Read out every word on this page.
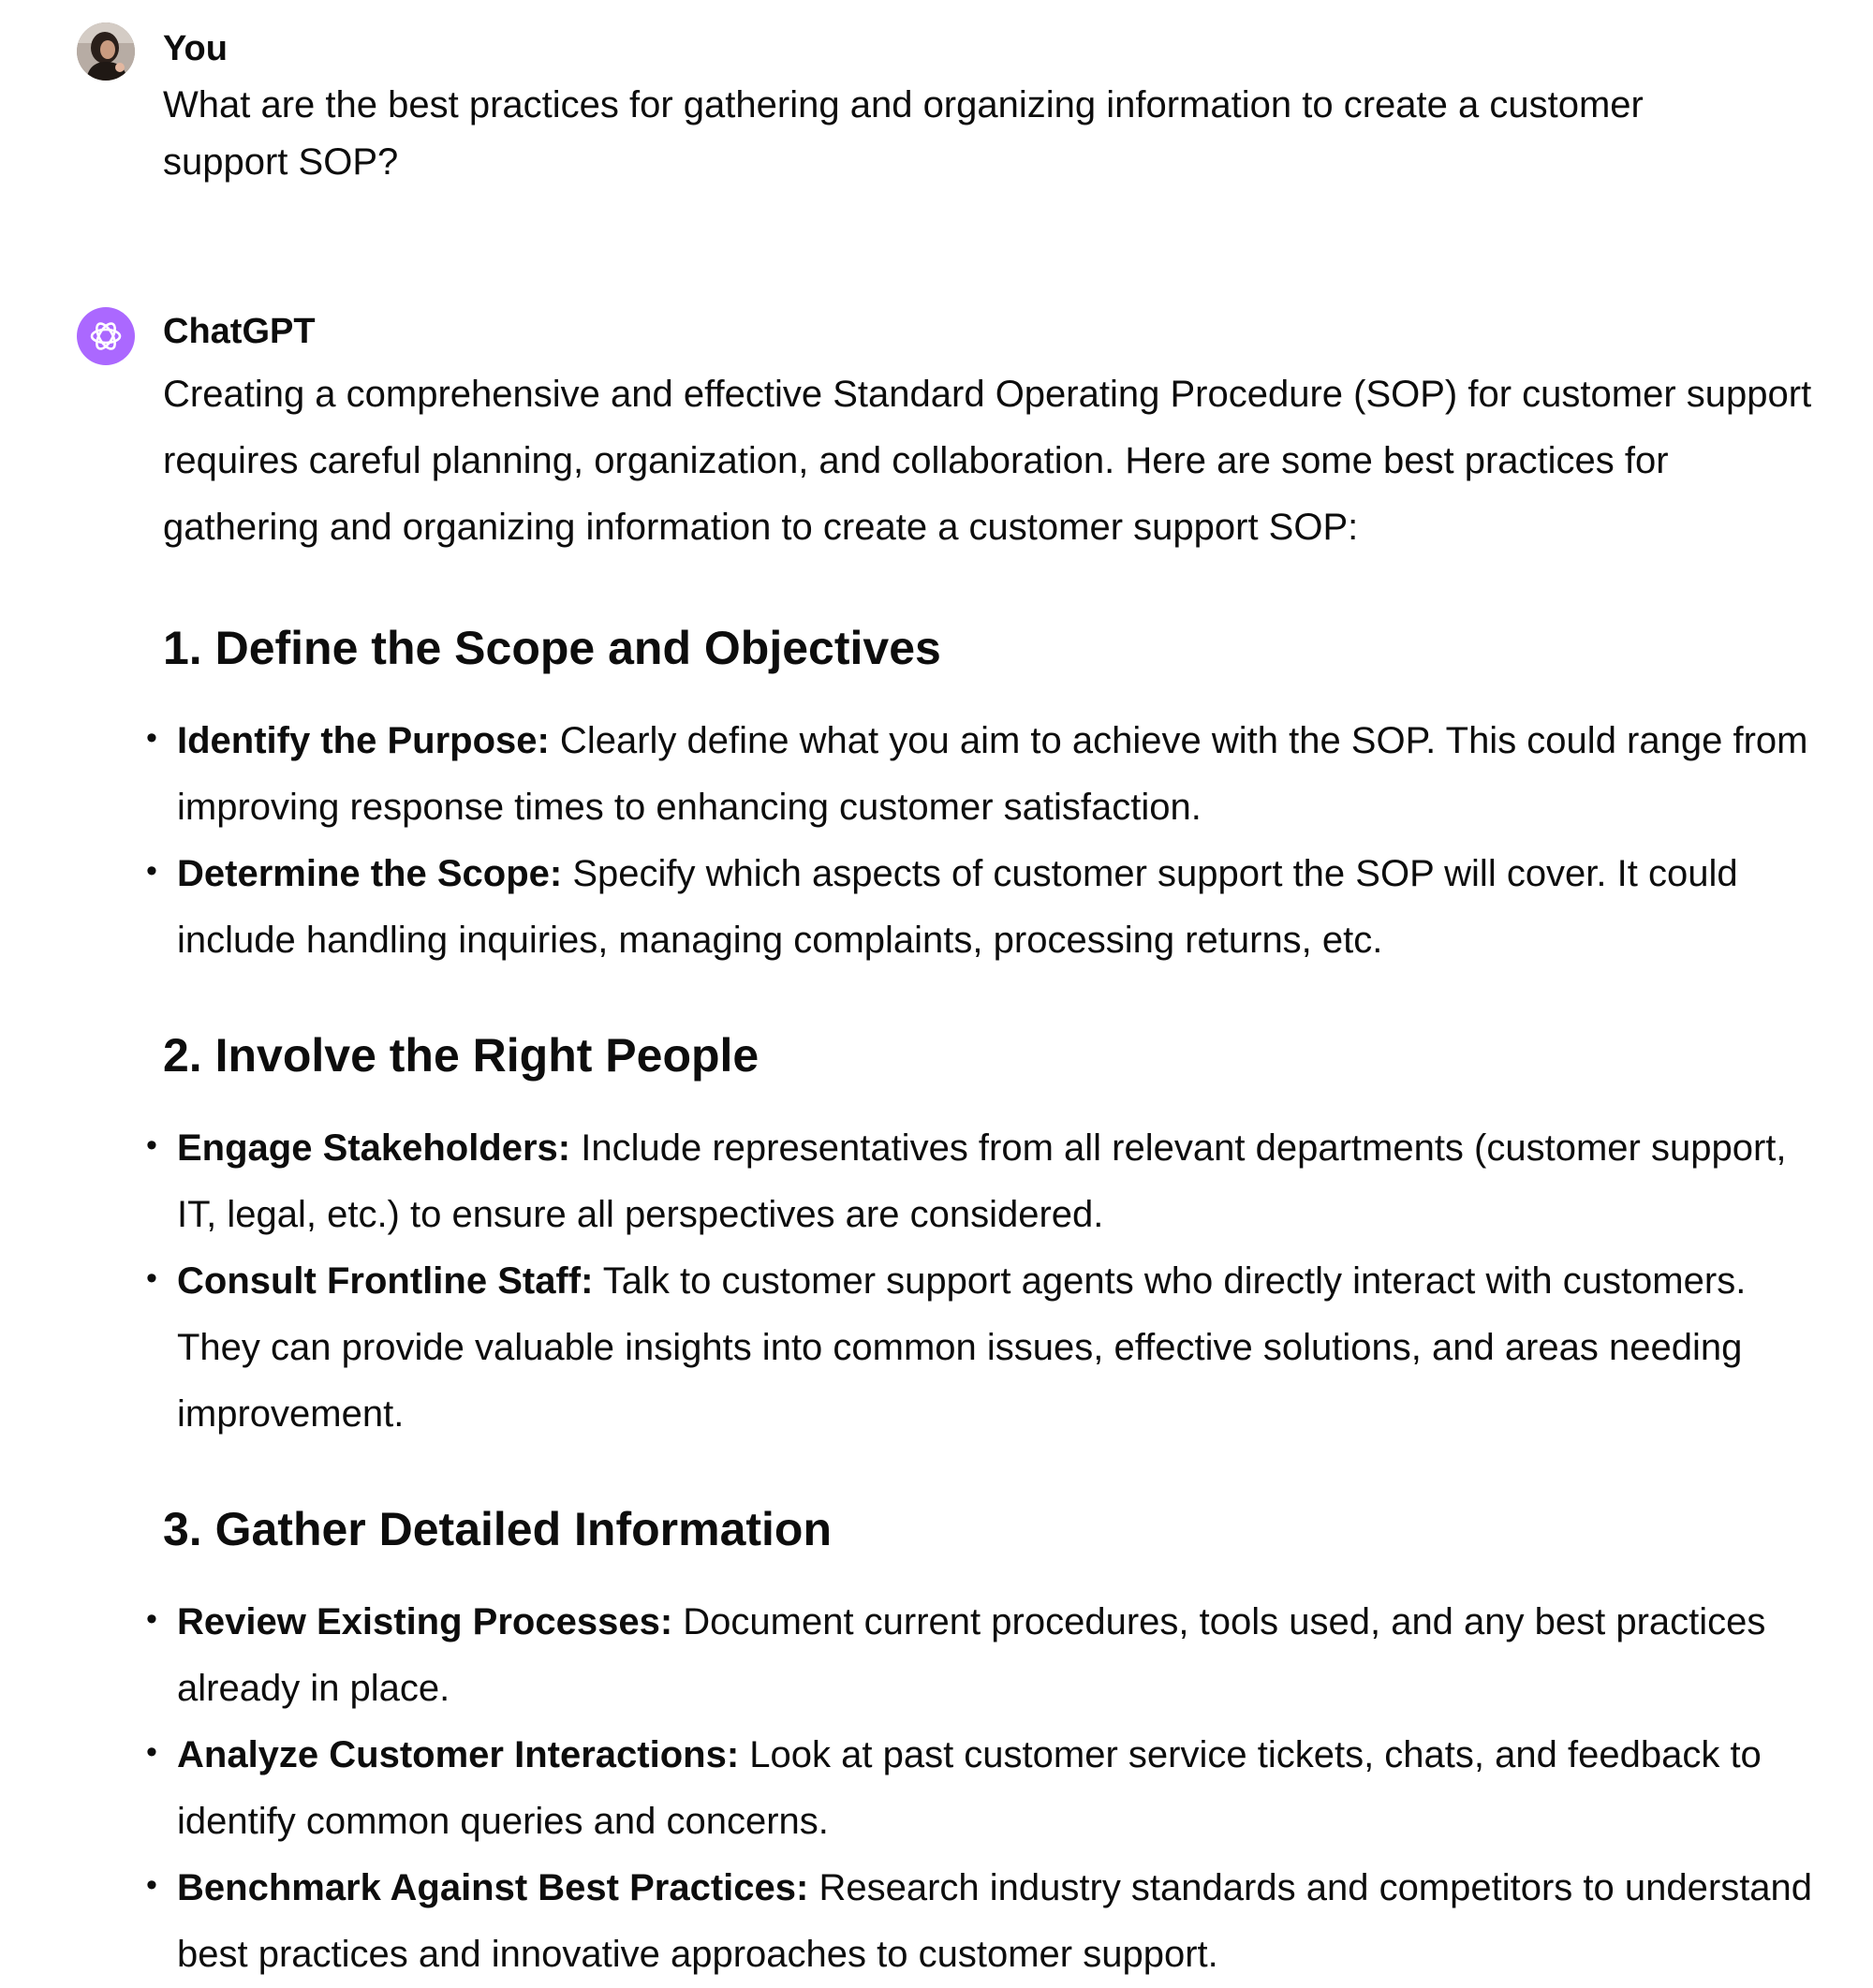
You

What are the best practices for gathering and organizing information to create a customer support SOP?

ChatGPT

Creating a comprehensive and effective Standard Operating Procedure (SOP) for customer support requires careful planning, organization, and collaboration. Here are some best practices for gathering and organizing information to create a customer support SOP:

1. Define the Scope and Objectives
• Identify the Purpose: Clearly define what you aim to achieve with the SOP. This could range from improving response times to enhancing customer satisfaction.
• Determine the Scope: Specify which aspects of customer support the SOP will cover. It could include handling inquiries, managing complaints, processing returns, etc.
2. Involve the Right People
• Engage Stakeholders: Include representatives from all relevant departments (customer support, IT, legal, etc.) to ensure all perspectives are considered.
• Consult Frontline Staff: Talk to customer support agents who directly interact with customers. They can provide valuable insights into common issues, effective solutions, and areas needing improvement.
3. Gather Detailed Information
• Review Existing Processes: Document current procedures, tools used, and any best practices already in place.
• Analyze Customer Interactions: Look at past customer service tickets, chats, and feedback to identify common queries and concerns.
• Benchmark Against Best Practices: Research industry standards and competitors to understand best practices and innovative approaches to customer support.
